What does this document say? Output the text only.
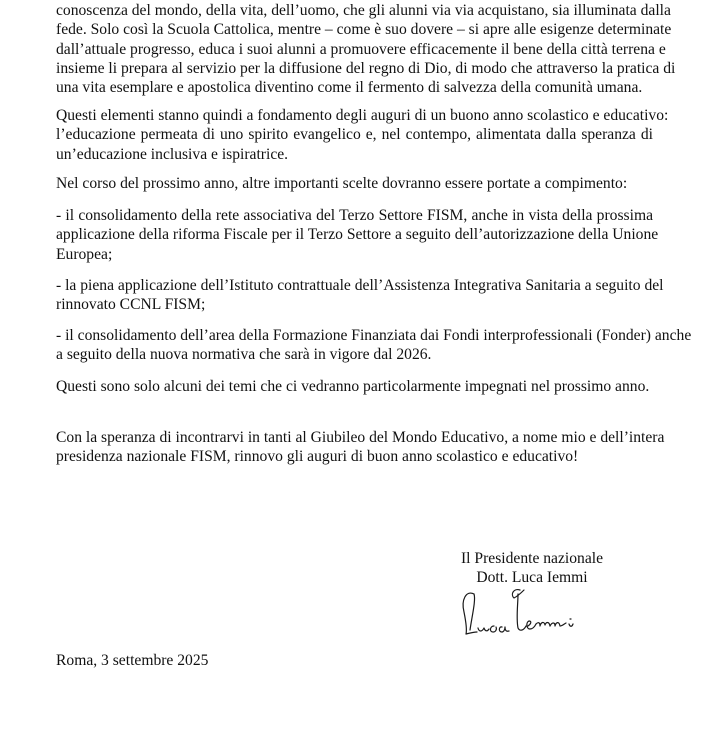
conoscenza del mondo, della vita, dell’uomo, che gli alunni via via acquistano, sia illuminata dalla
fede. Solo così la Scuola Cattolica, mentre – come è suo dovere – si apre alle esigenze determinate
dall’attuale progresso, educa i suoi alunni a promuovere efficacemente il bene della città terrena e
insieme li prepara al servizio per la diffusione del regno di Dio, di modo che attraverso la pratica di
una vita esemplare e apostolica diventino come il fermento di salvezza della comunità umana.

Questi elementi stanno quindi a fondamento degli auguri di un buono anno scolastico e educativo:
l’educazione permeata di uno spirito evangelico e, nel contempo, alimentata dalla speranza di
un’educazione inclusiva e ispiratrice.

Nel corso del prossimo anno, altre importanti scelte dovranno essere portate a compimento:

- il consolidamento della rete associativa del Terzo Settore FISM, anche in vista della prossima
applicazione della riforma Fiscale per il Terzo Settore a seguito dell’autorizzazione della Unione
Europea;

- la piena applicazione dell’Istituto contrattuale dell’Assistenza Integrativa Sanitaria a seguito del
rinnovato CCNL FISM;

- il consolidamento dell’area della Formazione Finanziata dai Fondi interprofessionali (Fonder) anche
a seguito della nuova normativa che sarà in vigore dal 2026.

Questi sono solo alcuni dei temi che ci vedranno particolarmente impegnati nel prossimo anno.

Con la speranza di incontrarvi in tanti al Giubileo del Mondo Educativo, a nome mio e dell’intera
presidenza nazionale FISM, rinnovo gli auguri di buon anno scolastico e educativo!

Il Presidente nazionale
Dott. Luca Iemmi
Roma, 3 settembre 2025
